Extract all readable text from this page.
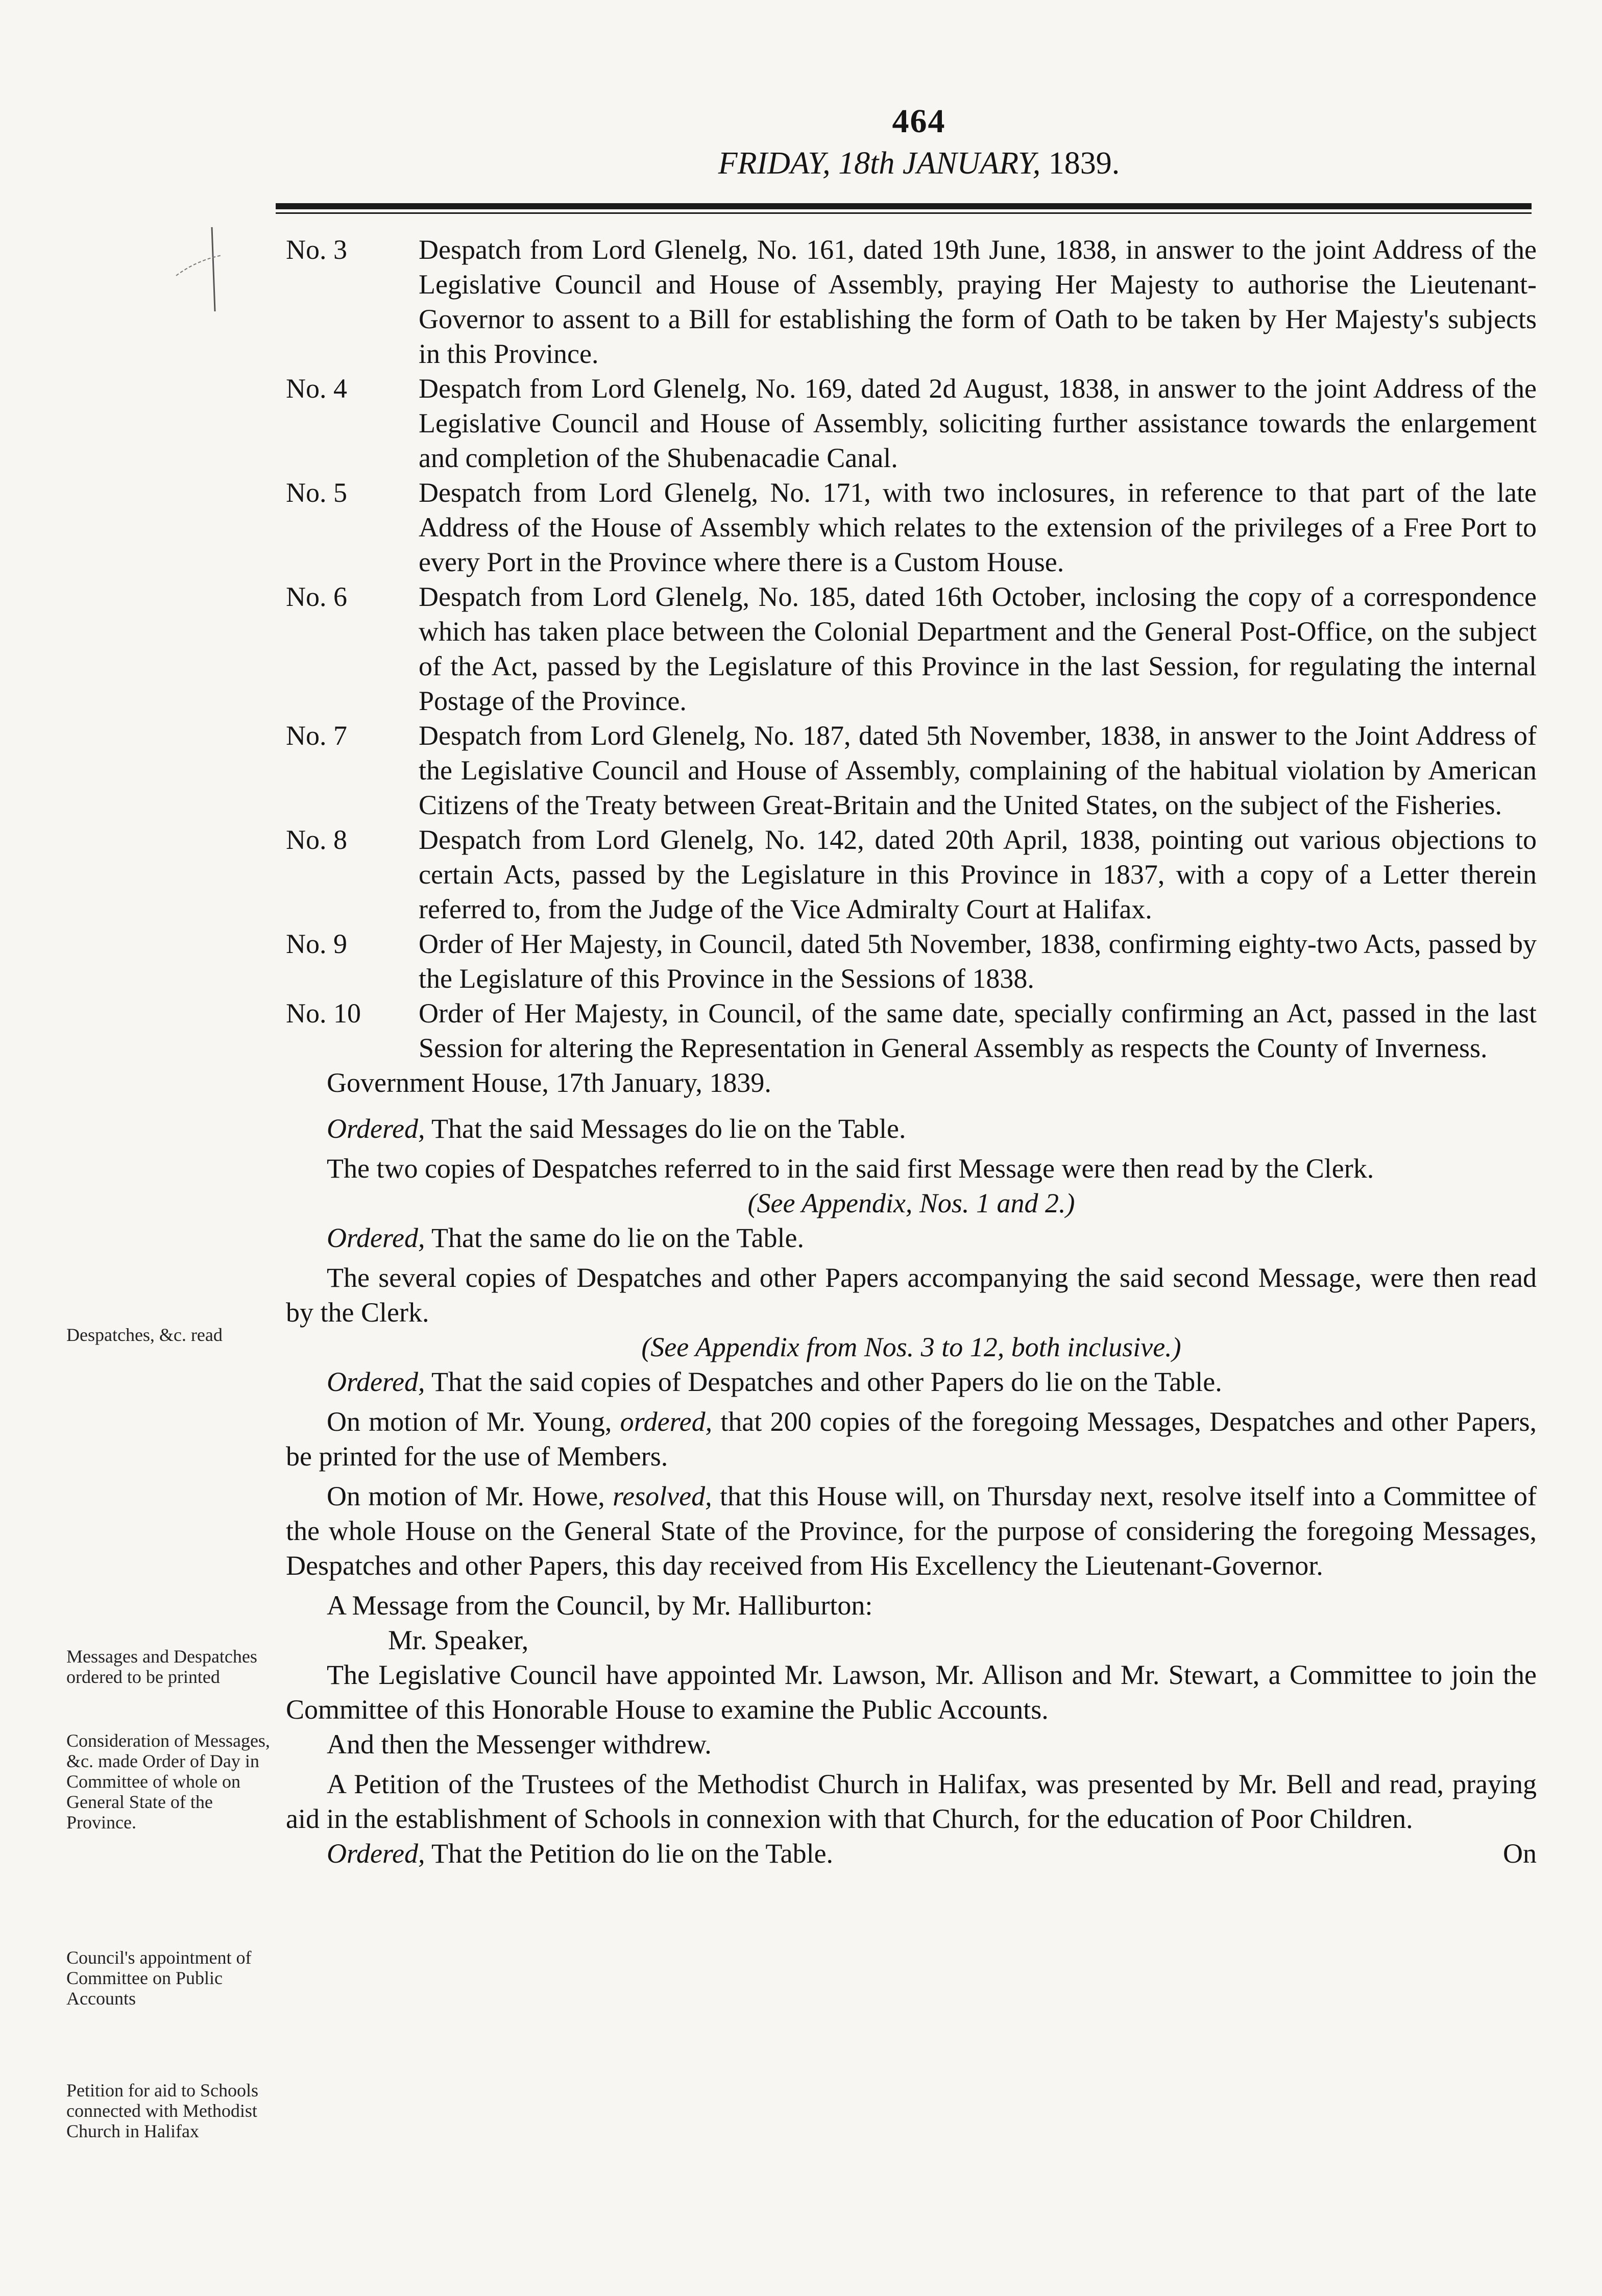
464
FRIDAY, 18th JANUARY, 1839.
No. 3	Despatch from Lord Glenelg, No. 161, dated 19th June, 1838, in answer to the joint Address of the Legislative Council and House of Assembly, praying Her Majesty to authorise the Lieutenant-Governor to assent to a Bill for establishing the form of Oath to be taken by Her Majesty's subjects in this Province.
No. 4	Despatch from Lord Glenelg, No. 169, dated 2d August, 1838, in answer to the joint Address of the Legislative Council and House of Assembly, soliciting further assistance towards the enlargement and completion of the Shubenacadie Canal.
No. 5	Despatch from Lord Glenelg, No. 171, with two inclosures, in reference to that part of the late Address of the House of Assembly which relates to the extension of the privileges of a Free Port to every Port in the Province where there is a Custom House.
No. 6	Despatch from Lord Glenelg, No. 185, dated 16th October, inclosing the copy of a correspondence which has taken place between the Colonial Department and the General Post-Office, on the subject of the Act, passed by the Legislature of this Province in the last Session, for regulating the internal Postage of the Province.
No. 7	Despatch from Lord Glenelg, No. 187, dated 5th November, 1838, in answer to the Joint Address of the Legislative Council and House of Assembly, complaining of the habitual violation by American Citizens of the Treaty between Great-Britain and the United States, on the subject of the Fisheries.
No. 8	Despatch from Lord Glenelg, No. 142, dated 20th April, 1838, pointing out various objections to certain Acts, passed by the Legislature in this Province in 1837, with a copy of a Letter therein referred to, from the Judge of the Vice Admiralty Court at Halifax.
No. 9	Order of Her Majesty, in Council, dated 5th November, 1838, confirming eighty-two Acts, passed by the Legislature of this Province in the Sessions of 1838.
No. 10 Order of Her Majesty, in Council, of the same date, specially confirming an Act, passed in the last Session for altering the Representation in General Assembly as respects the County of Inverness.

Government House, 17th January, 1839.

Ordered, That the said Messages do lie on the Table.

The two copies of Despatches referred to in the said first Message were then read by the Clerk.

(See Appendix, Nos. 1 and 2.)

Ordered, That the same do lie on the Table.

The several copies of Despatches and other Papers accompanying the said second Message, were then read by the Clerk.

(See Appendix from Nos. 3 to 12, both inclusive.)

Ordered, That the said copies of Despatches and other Papers do lie on the Table.

On motion of Mr. Young, ordered, that 200 copies of the foregoing Messages, Despatches and other Papers, be printed for the use of Members.

On motion of Mr. Howe, resolved, that this House will, on Thursday next, resolve itself into a Committee of the whole House on the General State of the Province, for the purpose of considering the foregoing Messages, Despatches and other Papers, this day received from His Excellency the Lieutenant-Governor.

A Message from the Council, by Mr. Halliburton:

Mr. Speaker,

The Legislative Council have appointed Mr. Lawson, Mr. Allison and Mr. Stewart, a Committee to join the Committee of this Honorable House to examine the Public Accounts.

And then the Messenger withdrew.

A Petition of the Trustees of the Methodist Church in Halifax, was presented by Mr. Bell and read, praying aid in the establishment of Schools in connexion with that Church, for the education of Poor Children.

Ordered, That the Petition do lie on the Table.	On

Despatches, &c. read
Messages and Despatches ordered to be printed
Consideration of Messages, &c. made Order of Day in Committee of whole on General State of the Province.
Council's appointment of Committee on Public Accounts
Petition for aid to Schools connected with Methodist Church in Halifax
